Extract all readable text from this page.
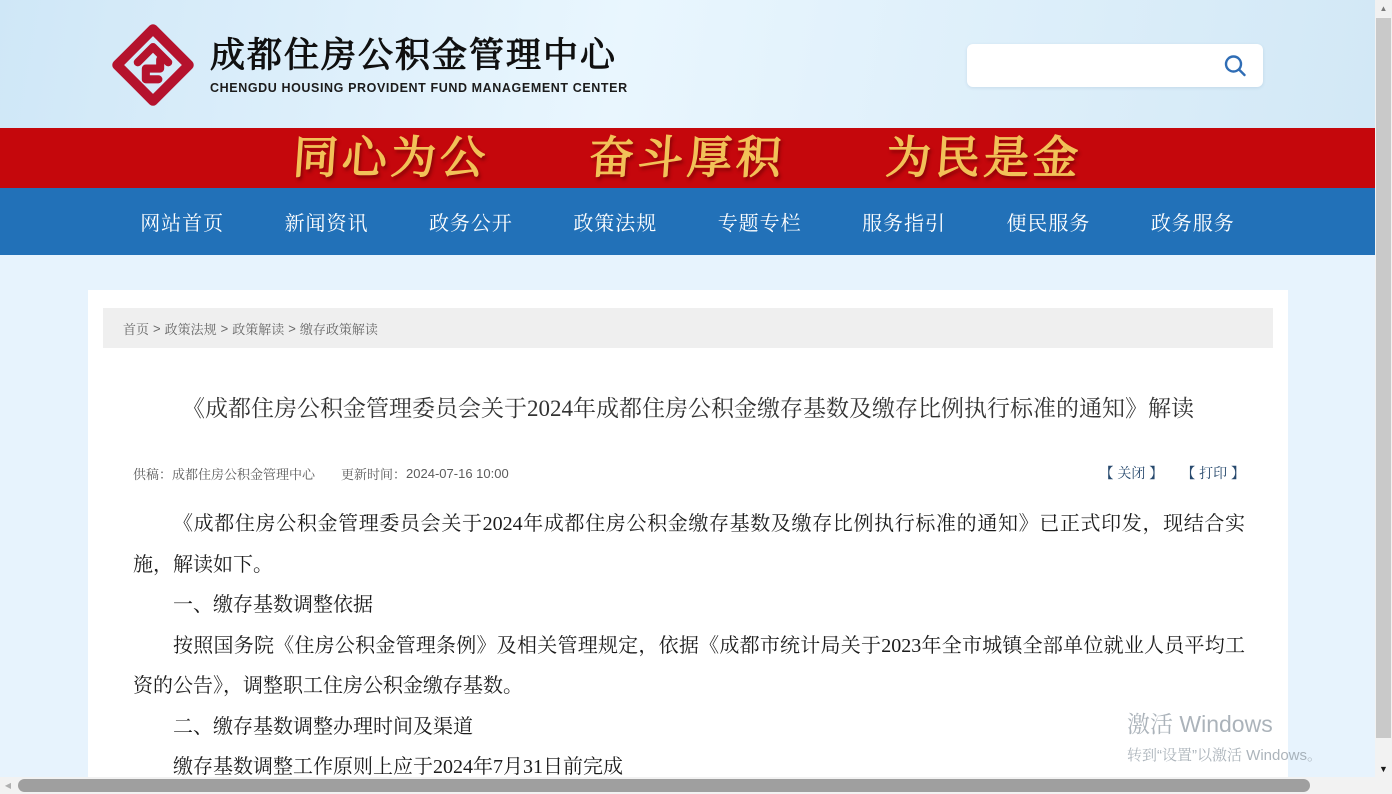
成都住房公积金管理中心
CHENGDU HOUSING PROVIDENT FUND MANAGEMENT CENTER
同心为公 奋斗厚积 为民是金
网站首页	新闻资讯	政务公开	政策法规	专题专栏	服务指引	便民服务	政务服务
首页 > 政策法规 > 政策解读 > 缴存政策解读
《成都住房公积金管理委员会关于2024年成都住房公积金缴存基数及缴存比例执行标准的通知》解读
供稿： 成都住房公积金管理中心 更新时间： 2024-07-16 10:00	【 关闭 】 【 打印 】

《成都住房公积金管理委员会关于2024年成都住房公积金缴存基数及缴存比例执行标准的通知》已正式印发，现结合实施，解读如下。

一、缴存基数调整依据

按照国务院《住房公积金管理条例》及相关管理规定，依据《成都市统计局关于2023年全市城镇全部单位就业人员平均工资的公告》，调整职工住房公积金缴存基数。

二、缴存基数调整办理时间及渠道

缴存基数调整工作原则上应于2024年7月31日前完成

激活 Windows
转到“设置”以激活 Windows。
▲
▼
◀
